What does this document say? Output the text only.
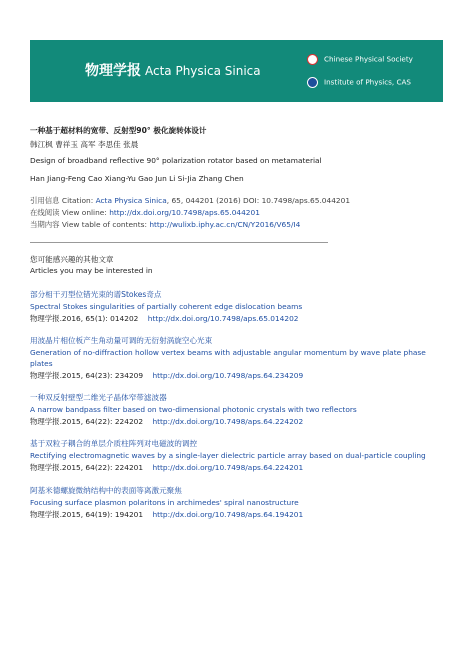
物理学报 Acta Physica Sinica
Chinese Physical Society
Institute of Physics, CAS
一种基于超材料的宽带、反射型90° 极化旋转体设计
韩江枫 曹祥玉 高军 李思佳 张晨
Design of broadband reflective 90° polarization rotator based on metamaterial
Han Jiang-Feng Cao Xiang-Yu Gao Jun Li Si-Jia Zhang Chen
引用信息 Citation: Acta Physica Sinica, 65, 044201 (2016) DOI: 10.7498/aps.65.044201
在线阅读 View online: http://dx.doi.org/10.7498/aps.65.044201
当期内容 View table of contents: http://wulixb.iphy.ac.cn/CN/Y2016/V65/I4
您可能感兴趣的其他文章
Articles you may be interested in
部分相干刃型位错光束的谱Stokes奇点
Spectral Stokes singularities of partially coherent edge dislocation beams
物理学报.2016, 65(1): 014202 http://dx.doi.org/10.7498/aps.65.014202
用波晶片相位板产生角动量可调的无衍射涡旋空心光束
Generation of no-diffraction hollow vertex beams with adjustable angular momentum by wave plate phase
plates
物理学报.2015, 64(23): 234209 http://dx.doi.org/10.7498/aps.64.234209
一种双反射壁型二维光子晶体窄带滤波器
A narrow bandpass filter based on two-dimensional photonic crystals with two reflectors
物理学报.2015, 64(22): 224202 http://dx.doi.org/10.7498/aps.64.224202
基于双粒子耦合的单层介质柱阵列对电磁波的调控
Rectifying electromagnetic waves by a single-layer dielectric particle array based on dual-particle coupling
物理学报.2015, 64(22): 224201 http://dx.doi.org/10.7498/aps.64.224201
阿基米德螺旋微纳结构中的表面等离激元聚焦
Focusing surface plasmon polaritons in archimedes' spiral nanostructure
物理学报.2015, 64(19): 194201 http://dx.doi.org/10.7498/aps.64.194201
